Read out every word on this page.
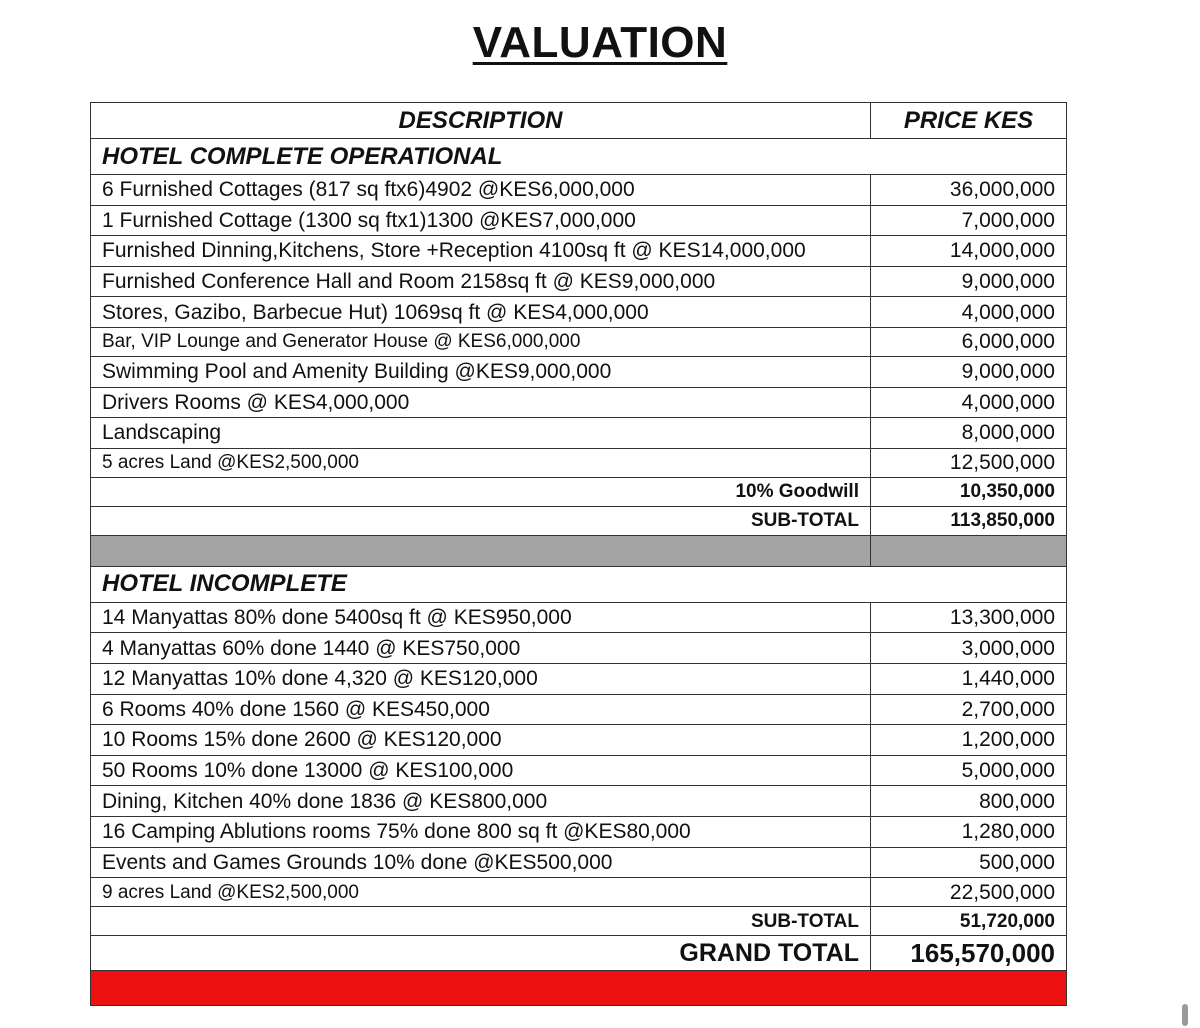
VALUATION
DESCRIPTION	PRICE KES
HOTEL COMPLETE OPERATIONAL	
6 Furnished Cottages (817 sq ftx6)4902 @KES6,000,000	36,000,000
1 Furnished Cottage (1300 sq ftx1)1300 @KES7,000,000	7,000,000
Furnished Dinning,Kitchens, Store +Reception 4100sq ft @ KES14,000,000	14,000,000
Furnished Conference Hall and Room 2158sq ft @ KES9,000,000	9,000,000
Stores, Gazibo, Barbecue Hut) 1069sq ft @ KES4,000,000	4,000,000
Bar, VIP Lounge and Generator House @ KES6,000,000	6,000,000
Swimming Pool and Amenity Building @KES9,000,000	9,000,000
Drivers Rooms @ KES4,000,000	4,000,000
Landscaping	8,000,000
5 acres Land @KES2,500,000	12,500,000
10% Goodwill	10,350,000
SUB-TOTAL	113,850,000

HOTEL INCOMPLETE	
14 Manyattas 80% done 5400sq ft @ KES950,000	13,300,000
4 Manyattas 60% done 1440 @ KES750,000	3,000,000
12 Manyattas 10% done 4,320 @ KES120,000	1,440,000
6 Rooms 40% done 1560 @ KES450,000	2,700,000
10 Rooms 15% done 2600 @ KES120,000	1,200,000
50 Rooms 10% done 13000 @ KES100,000	5,000,000
Dining, Kitchen 40% done 1836 @ KES800,000	800,000
16 Camping Ablutions rooms 75% done 800 sq ft @KES80,000	1,280,000
Events and Games Grounds 10% done @KES500,000	500,000
9 acres Land @KES2,500,000	22,500,000
SUB-TOTAL	51,720,000
GRAND TOTAL	165,570,000
